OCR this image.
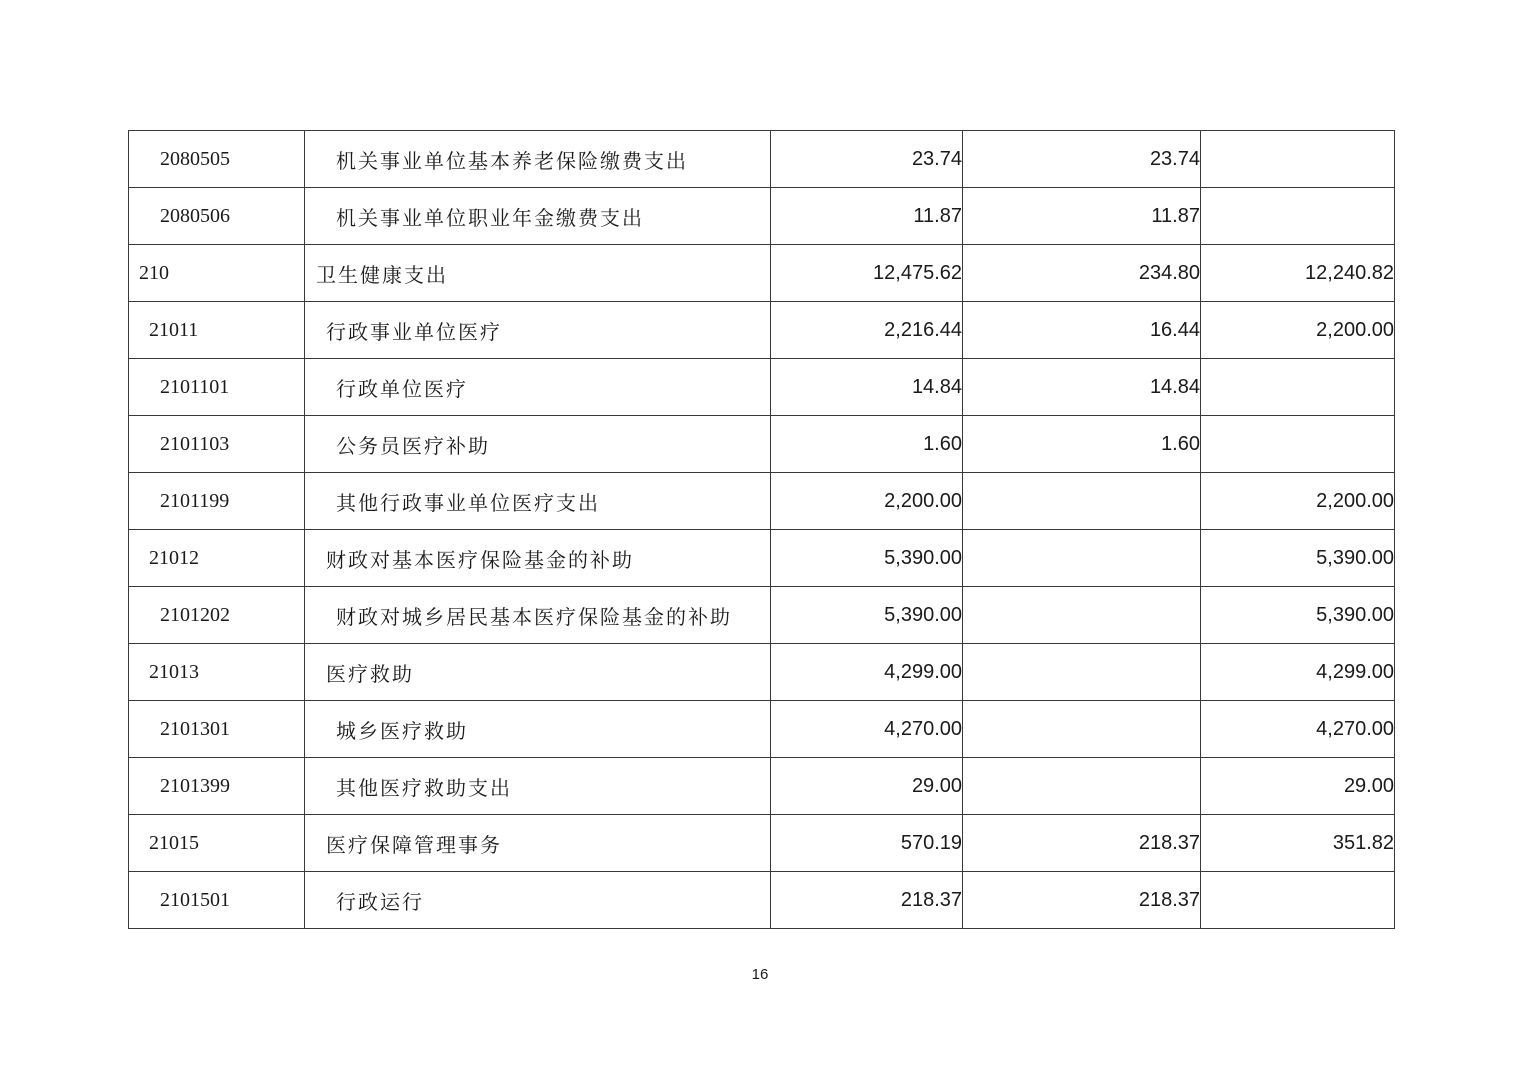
2080505	机关事业单位基本养老保险缴费支出	23.74	23.74	
2080506	机关事业单位职业年金缴费支出	11.87	11.87	
210	卫生健康支出	12,475.62	234.80	12,240.82
21011	行政事业单位医疗	2,216.44	16.44	2,200.00
2101101	行政单位医疗	14.84	14.84	
2101103	公务员医疗补助	1.60	1.60	
2101199	其他行政事业单位医疗支出	2,200.00		2,200.00
21012	财政对基本医疗保险基金的补助	5,390.00		5,390.00
2101202	财政对城乡居民基本医疗保险基金的补助	5,390.00		5,390.00
21013	医疗救助	4,299.00		4,299.00
2101301	城乡医疗救助	4,270.00		4,270.00
2101399	其他医疗救助支出	29.00		29.00
21015	医疗保障管理事务	570.19	218.37	351.82
2101501	行政运行	218.37	218.37	
16
